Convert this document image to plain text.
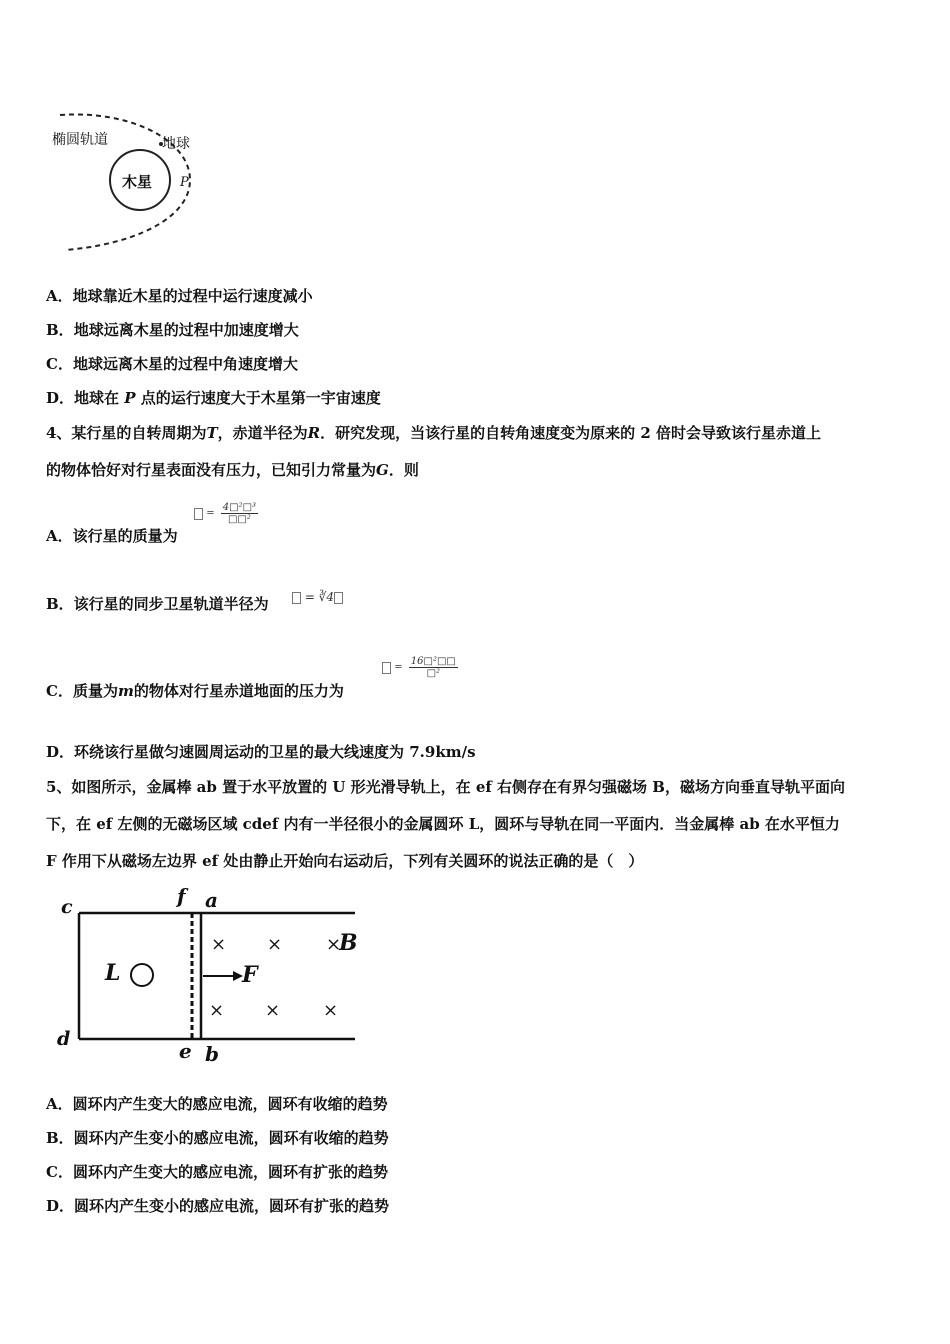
椭圆轨道	地球
木星 P
A．地球靠近木星的过程中运行速度减小
B．地球远离木星的过程中加速度增大
C．地球远离木星的过程中角速度增大
D．地球在 P 点的运行速度大于木星第一宇宙速度
4、某行星的自转周期为T，赤道半径为R．研究发现，当该行星的自转角速度变为原来的 2 倍时会导致该行星赤道上
的物体恰好对行星表面没有压力，已知引力常量为G．则
A．该行星的质量为
= $\frac{\text{4□²□³}}{\text{□□²}}$
B．该行星的同步卫星轨道半径为	= ∛4
C．质量为m的物体对行星赤道地面的压力为
= $\frac{\text{16□²□□}}{\text{□²}}$
D．环绕该行星做匀速圆周运动的卫星的最大线速度为 7.9km/s
5、如图所示，金属棒 ab 置于水平放置的 U 形光滑导轨上，在 ef 右侧存在有界匀强磁场 B，磁场方向垂直导轨平面向
下，在 ef 左侧的无磁场区域 cdef 内有一半径很小的金属圆环 L，圆环与导轨在同一平面内．当金属棒 ab 在水平恒力
F 作用下从磁场左边界 ef 处由静止开始向右运动后，下列有关圆环的说法正确的是（　）
c	f a
d	e b
L	F
B
× × ×
× × ×
A．圆环内产生变大的感应电流，圆环有收缩的趋势
B．圆环内产生变小的感应电流，圆环有收缩的趋势
C．圆环内产生变大的感应电流，圆环有扩张的趋势
D．圆环内产生变小的感应电流，圆环有扩张的趋势
